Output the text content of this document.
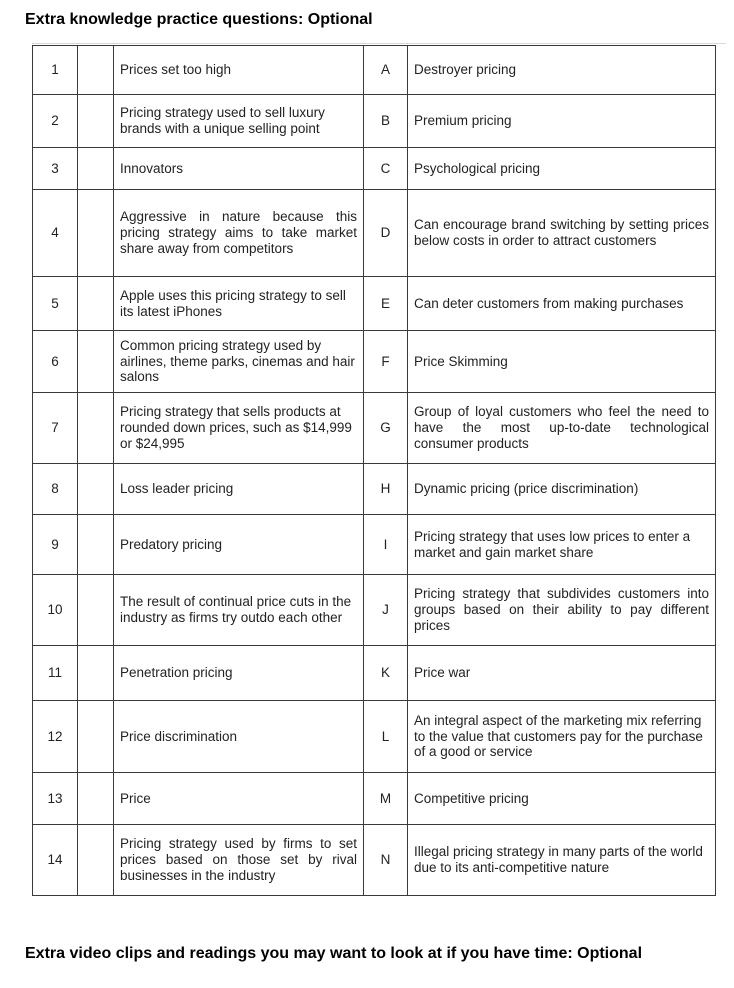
Extra knowledge practice questions: Optional
1		Prices set too high	A	Destroyer pricing
2		Pricing strategy used to sell luxury brands with a unique selling point	B	Premium pricing
3		Innovators	C	Psychological pricing
4		Aggressive in nature because this pricing strategy aims to take market share away from competitors	D	Can encourage brand switching by setting prices below costs in order to attract customers
5		Apple uses this pricing strategy to sell its latest iPhones	E	Can deter customers from making purchases
6		Common pricing strategy used by airlines, theme parks, cinemas and hair salons	F	Price Skimming
7		Pricing strategy that sells products at rounded down prices, such as $14,999 or $24,995	G	Group of loyal customers who feel the need to have the most up-to-date technological consumer products
8		Loss leader pricing	H	Dynamic pricing (price discrimination)
9		Predatory pricing	I	Pricing strategy that uses low prices to enter a market and gain market share
10		The result of continual price cuts in the industry as firms try outdo each other	J	Pricing strategy that subdivides customers into groups based on their ability to pay different prices
11		Penetration pricing	K	Price war
12		Price discrimination	L	An integral aspect of the marketing mix referring to the value that customers pay for the purchase of a good or service
13		Price	M	Competitive pricing
14		Pricing strategy used by firms to set prices based on those set by rival businesses in the industry	N	Illegal pricing strategy in many parts of the world due to its anti-competitive nature
Extra video clips and readings you may want to look at if you have time: Optional
